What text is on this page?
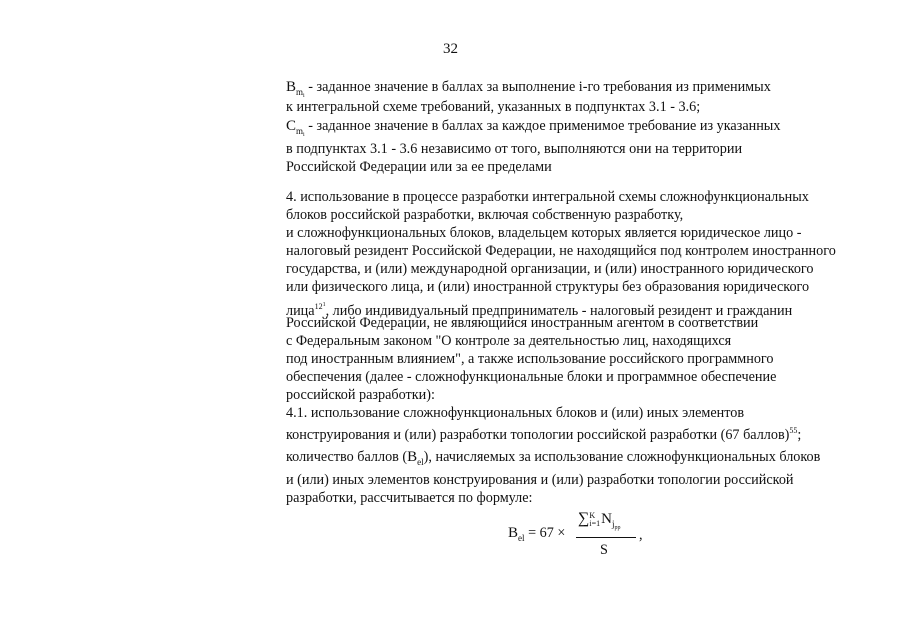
32
$B_{m_i}$ - заданное значение в баллах за выполнение i-го требования из применимых
к интегральной схеме требований, указанных в подпунктах 3.1 - 3.6;
$C_{m_i}$ - заданное значение в баллах за каждое применимое требование из указанных
в подпунктах 3.1 - 3.6 независимо от того, выполняются они на территории
Российской Федерации или за ее пределами
4. использование в процессе разработки интегральной схемы сложнофункциональных
блоков российской разработки, включая собственную разработку,
и сложнофункциональных блоков, владельцем которых является юридическое лицо -
налоговый резидент Российской Федерации, не находящийся под контролем иностранного
государства, и (или) международной организации, и (или) иностранного юридического
или физического лица, и (или) иностранной структуры без образования юридического
лица$^{12^1}$, либо индивидуальный предприниматель - налоговый резидент и гражданин
Российской Федерации, не являющийся иностранным агентом в соответствии
с Федеральным законом "О контроле за деятельностью лиц, находящихся
под иностранным влиянием", а также использование российского программного
обеспечения (далее - сложнофункциональные блоки и программное обеспечение
российской разработки):
4.1. использование сложнофункциональных блоков и (или) иных элементов
конструирования и (или) разработки топологии российской разработки (67 баллов)$^{55}$;
количество баллов $(B_{el})$, начисляемых за использование сложнофункциональных блоков
и (или) иных элементов конструирования и (или) разработки топологии российской
разработки, рассчитывается по формуле:
$B_{el} = 67$ ×
∑ K
i=1 $N_{j_{pp}}$
S
,
